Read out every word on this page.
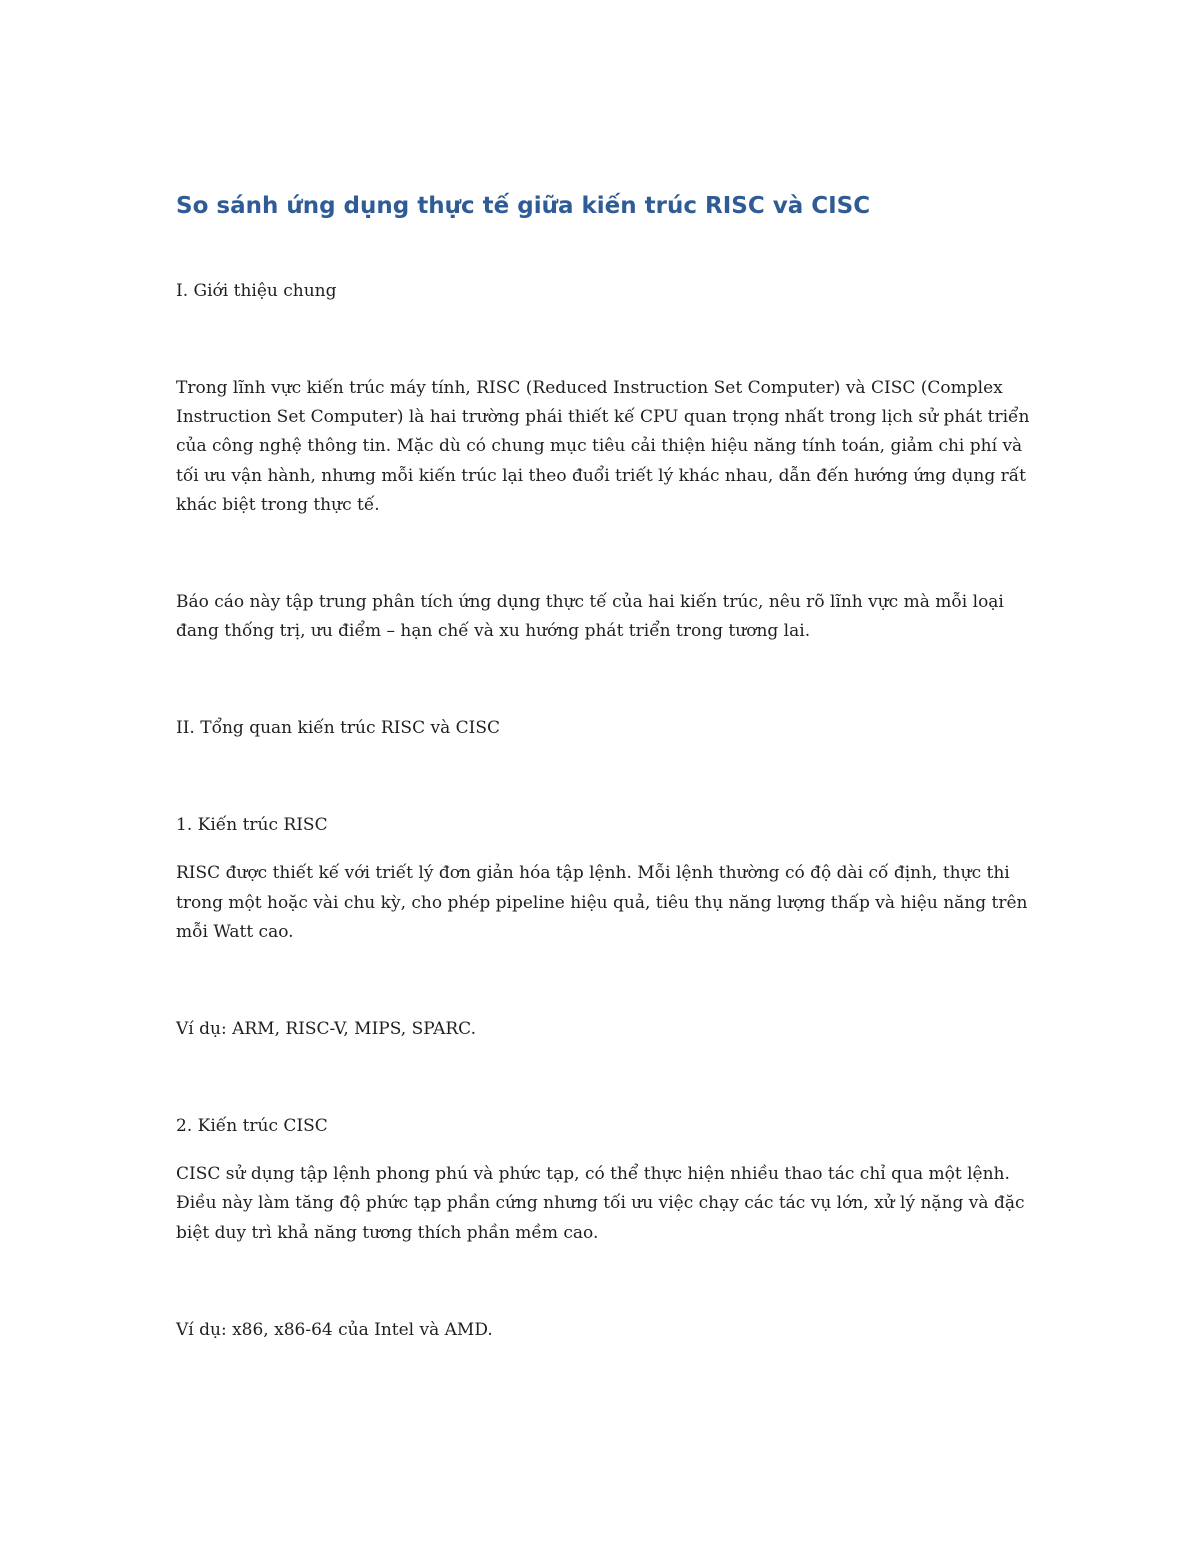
So sánh ứng dụng thực tế giữa kiến trúc RISC và CISC

I. Giới thiệu chung

Trong lĩnh vực kiến trúc máy tính, RISC (Reduced Instruction Set Computer) và CISC (Complex Instruction Set Computer) là hai trường phái thiết kế CPU quan trọng nhất trong lịch sử phát triển của công nghệ thông tin. Mặc dù có chung mục tiêu cải thiện hiệu năng tính toán, giảm chi phí và tối ưu vận hành, nhưng mỗi kiến trúc lại theo đuổi triết lý khác nhau, dẫn đến hướng ứng dụng rất khác biệt trong thực tế.

Báo cáo này tập trung phân tích ứng dụng thực tế của hai kiến trúc, nêu rõ lĩnh vực mà mỗi loại đang thống trị, ưu điểm – hạn chế và xu hướng phát triển trong tương lai.

II. Tổng quan kiến trúc RISC và CISC

1. Kiến trúc RISC

RISC được thiết kế với triết lý đơn giản hóa tập lệnh. Mỗi lệnh thường có độ dài cố định, thực thi trong một hoặc vài chu kỳ, cho phép pipeline hiệu quả, tiêu thụ năng lượng thấp và hiệu năng trên mỗi Watt cao.

Ví dụ: ARM, RISC-V, MIPS, SPARC.

2. Kiến trúc CISC

CISC sử dụng tập lệnh phong phú và phức tạp, có thể thực hiện nhiều thao tác chỉ qua một lệnh. Điều này làm tăng độ phức tạp phần cứng nhưng tối ưu việc chạy các tác vụ lớn, xử lý nặng và đặc biệt duy trì khả năng tương thích phần mềm cao.

Ví dụ: x86, x86-64 của Intel và AMD.
